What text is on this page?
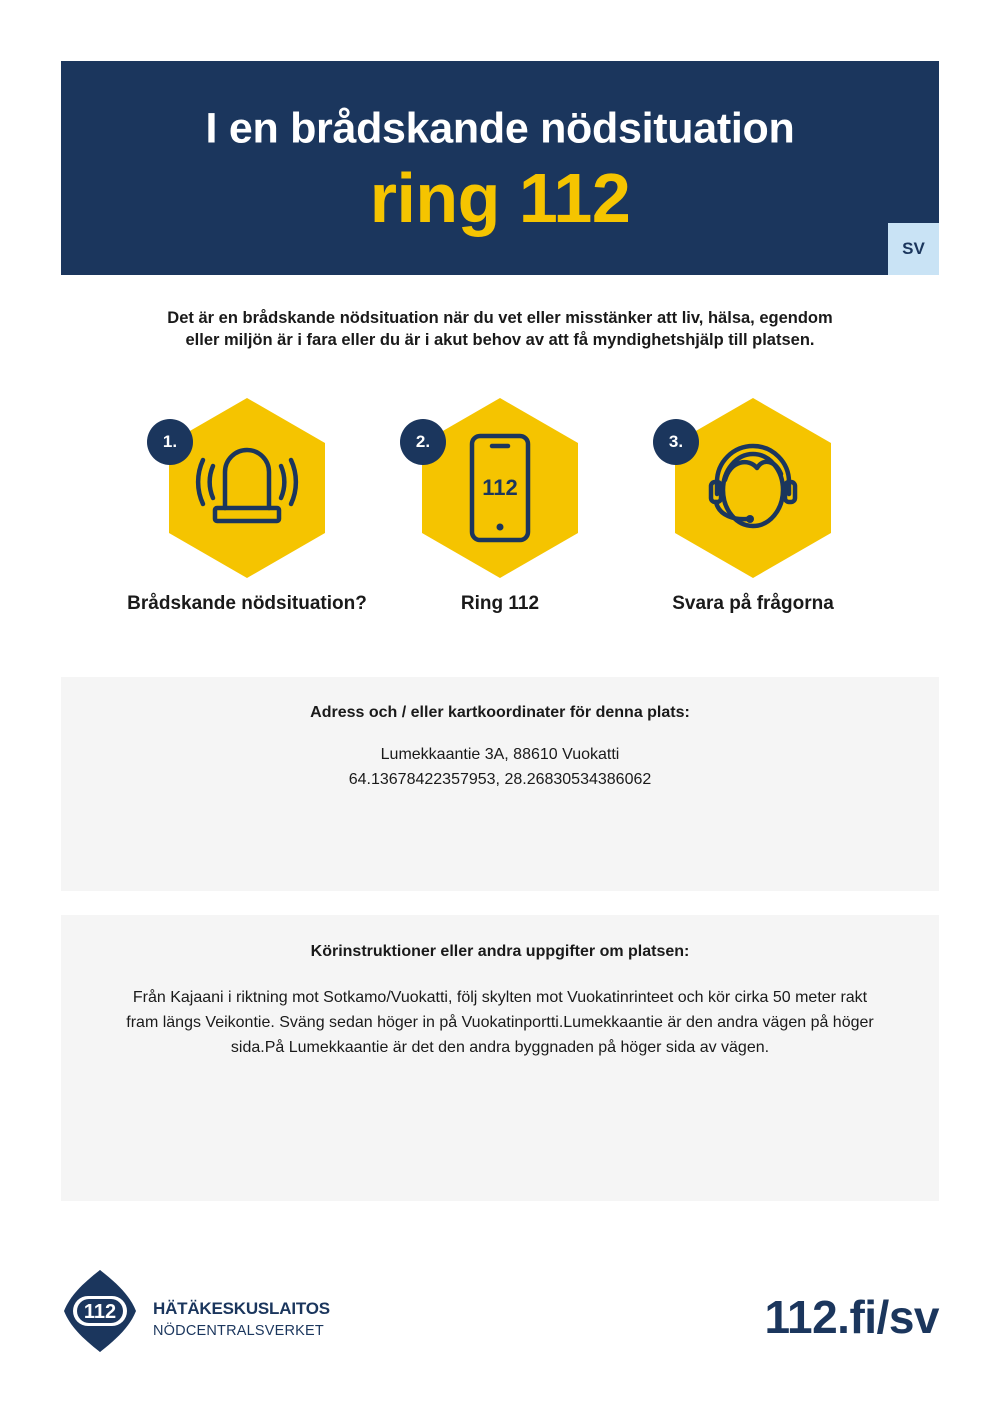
I en brådskande nödsituation
ring 112
SV
Det är en brådskande nödsituation när du vet eller misstänker att liv, hälsa, egendom
eller miljön är i fara eller du är i akut behov av att få myndighetshjälp till platsen.
1.
Brådskande nödsituation?
112
2.
Ring 112
3.
Svara på frågorna
Adress och / eller kartkoordinater för denna plats:
Lumekkaantie 3A, 88610 Vuokatti
64.13678422357953, 28.26830534386062
Körinstruktioner eller andra uppgifter om platsen:
Från Kajaani i riktning mot Sotkamo/Vuokatti, följ skylten mot Vuokatinrinteet och kör cirka 50 meter rakt
fram längs Veikontie. Sväng sedan höger in på Vuokatinportti.Lumekkaantie är den andra vägen på höger
sida.På Lumekkaantie är det den andra byggnaden på höger sida av vägen.
112 HÄTÄKESKUSLAITOS
NÖDCENTRALSVERKET	112.fi/sv
